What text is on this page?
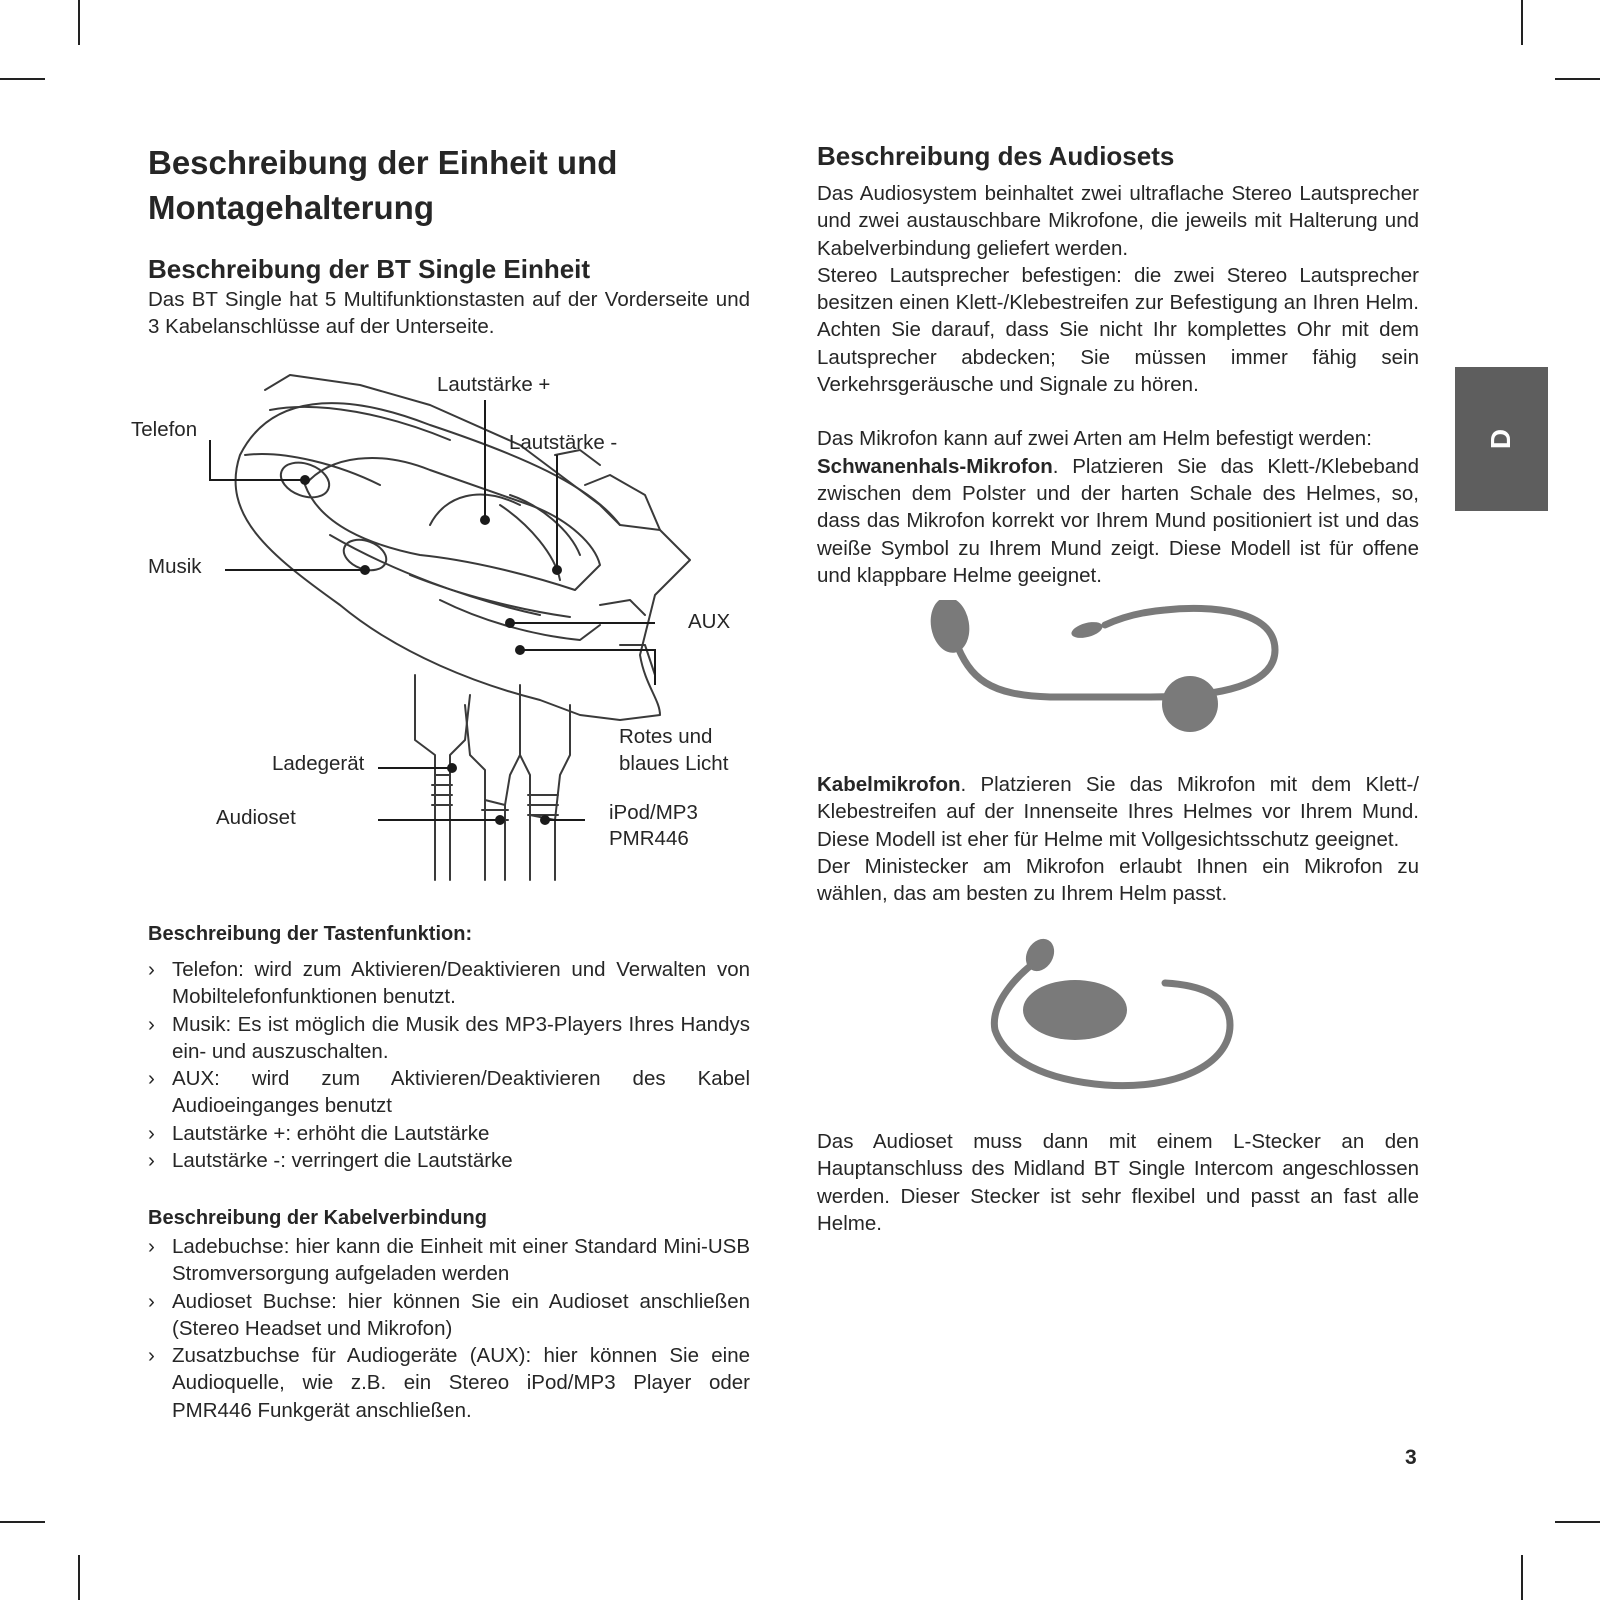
Beschreibung der Einheit und Montagehalterung
Beschreibung der BT Single Einheit

Das BT Single hat 5 Multifunktionstasten auf der Vorderseite und 3 Kabelanschlüsse auf der Unterseite.

Lautstärke +
Telefon
Lautstärke -
Musik
AUX
Rotes und
blaues Licht
Ladegerät
Audioset	iPod/MP3
PMR446
Beschreibung der Tastenfunktion:
› Telefon: wird zum Aktivieren/Deaktivieren und Verwalten von Mobiltelefonfunktionen benutzt.
› Musik: Es ist möglich die Musik des MP3-Players Ihres Handys ein- und auszuschalten.
› AUX: wird zum Aktivieren/Deaktivieren des Kabel Audioeinganges benutzt
› Lautstärke +: erhöht die Lautstärke
› Lautstärke -: verringert die Lautstärke
Beschreibung der Kabelverbindung
› Ladebuchse: hier kann die Einheit mit einer Standard Mini-USB Stromversorgung aufgeladen werden
› Audioset Buchse: hier können Sie ein Audioset anschließen (Stereo Headset und Mikrofon)
› Zusatzbuchse für Audiogeräte (AUX): hier können Sie eine Audioquelle, wie z.B. ein Stereo iPod/MP3 Player oder PMR446 Funkgerät anschließen.
Beschreibung des Audiosets

Das Audiosystem beinhaltet zwei ultraflache Stereo Lautsprecher und zwei austauschbare Mikrofone, die jeweils mit Halterung und Kabelverbindung geliefert werden.

Stereo Lautsprecher befestigen: die zwei Stereo Lautsprecher besitzen einen Klett-/Klebestreifen zur Befestigung an Ihren Helm. Achten Sie darauf, dass Sie nicht Ihr komplettes Ohr mit dem Lautsprecher abdecken; Sie müssen immer fähig sein Verkehrsgeräusche und Signale zu hören.

Das Mikrofon kann auf zwei Arten am Helm befestigt werden:

Schwanenhals-Mikrofon. Platzieren Sie das Klett-/Klebeband zwischen dem Polster und der harten Schale des Helmes, so, dass das Mikrofon korrekt vor Ihrem Mund positioniert ist und das weiße Symbol zu Ihrem Mund zeigt. Diese Modell ist für offene und klappbare Helme geeignet.

Kabelmikrofon. Platzieren Sie das Mikrofon mit dem Klett-/ Klebestreifen auf der Innenseite Ihres Helmes vor Ihrem Mund. Diese Modell ist eher für Helme mit Vollgesichtsschutz geeignet.

Der Ministecker am Mikrofon erlaubt Ihnen ein Mikrofon zu wählen, das am besten zu Ihrem Helm passt.

Das Audioset muss dann mit einem L-Stecker an den Hauptanschluss des Midland BT Single Intercom angeschlossen werden. Dieser Stecker ist sehr flexibel und passt an fast alle Helme.

D
3
